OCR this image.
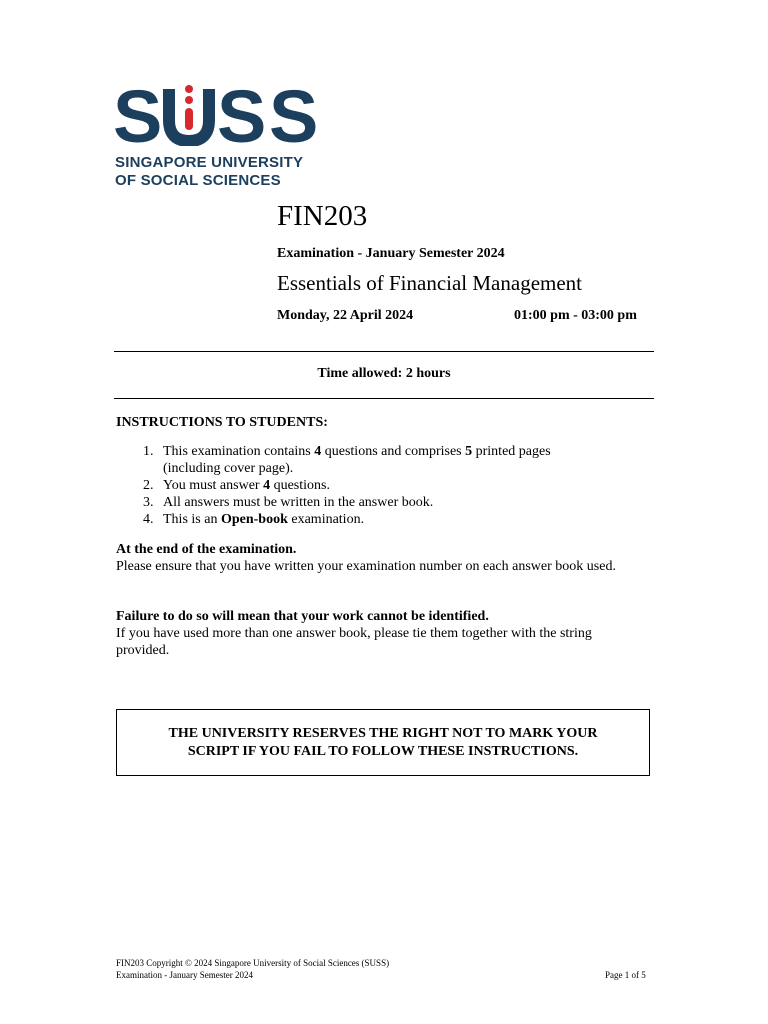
S S S
SINGAPORE UNIVERSITY
OF SOCIAL SCIENCES
FIN203
Examination - January Semester 2024
Essentials of Financial Management
Monday, 22 April 2024	01:00 pm - 03:00 pm
Time allowed: 2 hours
INSTRUCTIONS TO STUDENTS:
1. This examination contains 4 questions and comprises 5 printed pages
(including cover page).
2. You must answer 4 questions.
3. All answers must be written in the answer book.
4. This is an Open-book examination.
At the end of the examination.
Please ensure that you have written your examination number on each answer book used.
Failure to do so will mean that your work cannot be identified.
If you have used more than one answer book, please tie them together with the string provided.
THE UNIVERSITY RESERVES THE RIGHT NOT TO MARK YOUR
SCRIPT IF YOU FAIL TO FOLLOW THESE INSTRUCTIONS.
FIN203 Copyright © 2024 Singapore University of Social Sciences (SUSS)
Examination - January Semester 2024	Page 1 of 5
